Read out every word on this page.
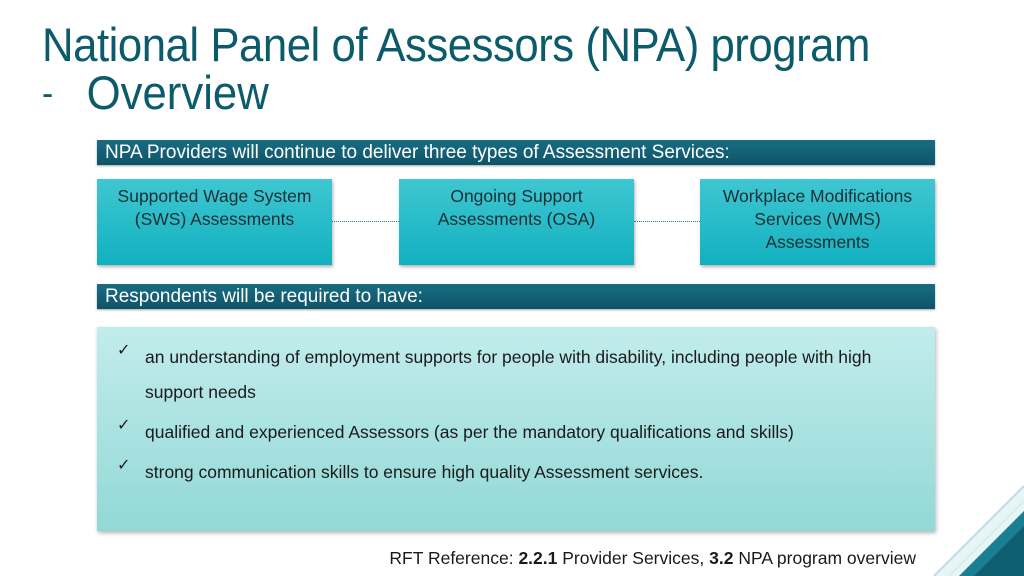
National Panel of Assessors (NPA) program
- Overview
NPA Providers will continue to deliver three types of Assessment Services:
Supported Wage System (SWS) Assessments
Ongoing Support Assessments (OSA)
Workplace Modifications Services (WMS) Assessments
Respondents will be required to have:
✓ an understanding of employment supports for people with disability, including people with high support needs
✓ qualified and experienced Assessors (as per the mandatory qualifications and skills)
✓ strong communication skills to ensure high quality Assessment services.
RFT Reference: 2.2.1 Provider Services, 3.2 NPA program overview
